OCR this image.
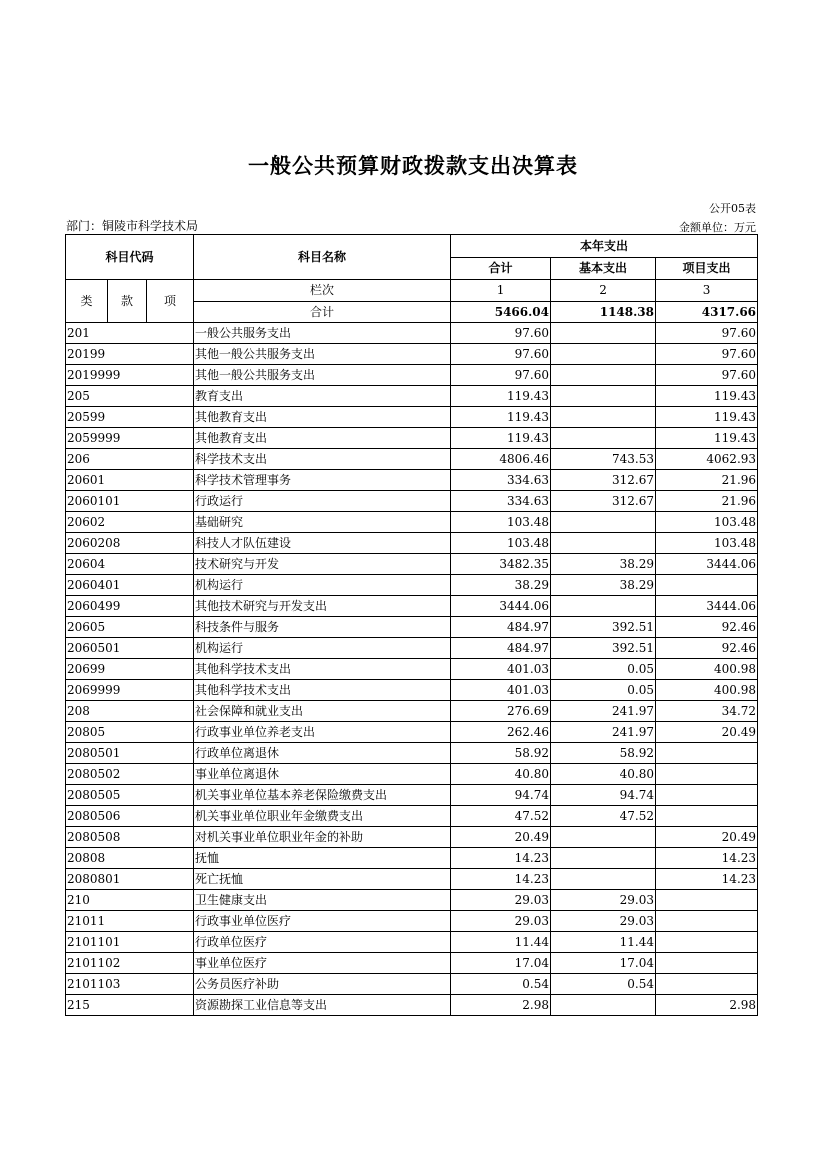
一般公共预算财政拨款支出决算表
公开05表
部门：铜陵市科学技术局	金额单位：万元
科目代码			科目名称	本年支出		
				合计	基本支出	项目支出
类	款	项	栏次	1	2	3
			合计	5466.04	1148.38	4317.66
201			一般公共服务支出	97.60		97.60
20199			其他一般公共服务支出	97.60		97.60
2019999			其他一般公共服务支出	97.60		97.60
205			教育支出	119.43		119.43
20599			其他教育支出	119.43		119.43
2059999			其他教育支出	119.43		119.43
206			科学技术支出	4806.46	743.53	4062.93
20601			科学技术管理事务	334.63	312.67	21.96
2060101			行政运行	334.63	312.67	21.96
20602			基础研究	103.48		103.48
2060208			科技人才队伍建设	103.48		103.48
20604			技术研究与开发	3482.35	38.29	3444.06
2060401			机构运行	38.29	38.29	
2060499			其他技术研究与开发支出	3444.06		3444.06
20605			科技条件与服务	484.97	392.51	92.46
2060501			机构运行	484.97	392.51	92.46
20699			其他科学技术支出	401.03	0.05	400.98
2069999			其他科学技术支出	401.03	0.05	400.98
208			社会保障和就业支出	276.69	241.97	34.72
20805			行政事业单位养老支出	262.46	241.97	20.49
2080501			行政单位离退休	58.92	58.92	
2080502			事业单位离退休	40.80	40.80	
2080505			机关事业单位基本养老保险缴费支出	94.74	94.74	
2080506			机关事业单位职业年金缴费支出	47.52	47.52	
2080508			对机关事业单位职业年金的补助	20.49		20.49
20808			抚恤	14.23		14.23
2080801			死亡抚恤	14.23		14.23
210			卫生健康支出	29.03	29.03	
21011			行政事业单位医疗	29.03	29.03	
2101101			行政单位医疗	11.44	11.44	
2101102			事业单位医疗	17.04	17.04	
2101103			公务员医疗补助	0.54	0.54	
215			资源勘探工业信息等支出	2.98		2.98
